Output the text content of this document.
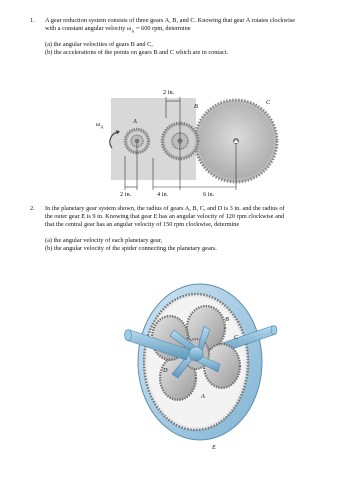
1. A gear reduction system consists of three gears A, B, and C. Knowing that gear A rotates clockwise
with a constant angular velocity $\omega_A = 600$ rpm, determine
(a) the angular velocities of gears B and C,
(b) the accelerations of the points on gears B and C which are in contact.
$\omega_A$
A
B
C
2 in.
2 in.	4 in.	6 in.
2. In the planetary gear system shown, the radius of gears A, B, C, and D is 3 in. and the radius of
the outer gear E is 9 in. Knowing that gear E has an angular velocity of 120 rpm clockwise and
that the central gear has an angular velocity of 150 rpm clockwise, determine
(a) the angular velocity of each planetary gear,
(b) the angular velocity of the spider connecting the planetary gears.
A
B
C
D
E
